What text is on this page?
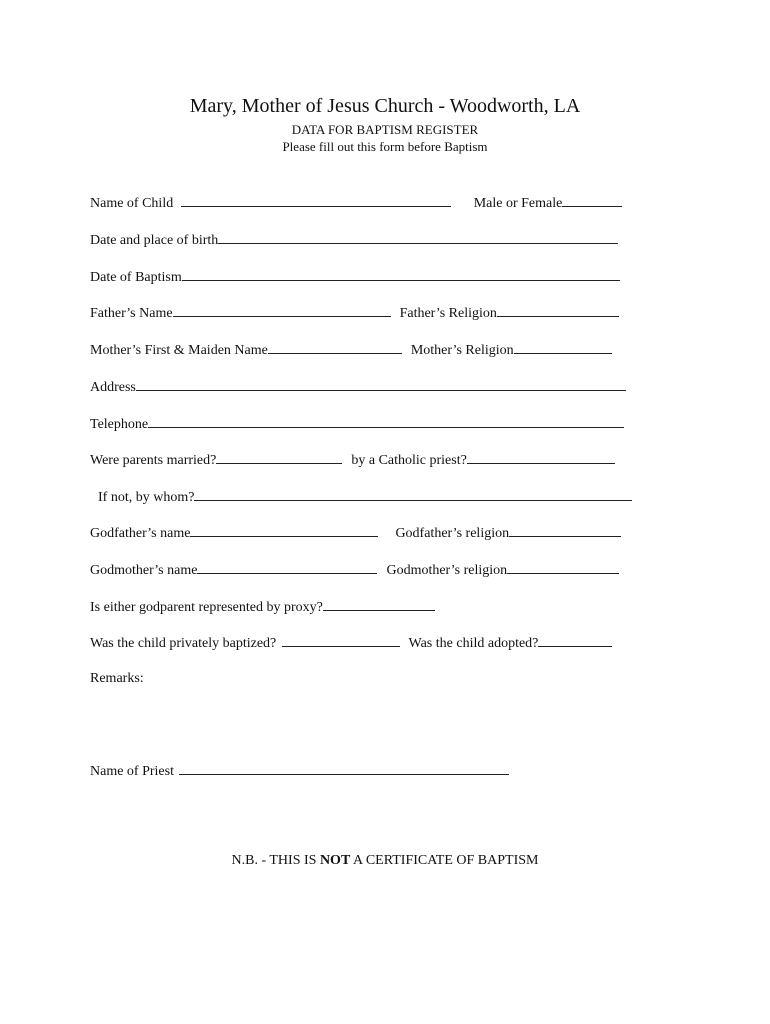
Mary, Mother of Jesus Church - Woodworth, LA
DATA FOR BAPTISM REGISTER
Please fill out this form before Baptism
Name of Child	Male or Female
Date and place of birth
Date of Baptism
Father’s Name	Father’s Religion
Mother’s First & Maiden Name	Mother’s Religion
Address
Telephone
Were parents married?	by a Catholic priest?
If not, by whom?
Godfather’s name	Godfather’s religion
Godmother’s name	Godmother’s religion
Is either godparent represented by proxy?
Was the child privately baptized?	Was the child adopted?
Remarks:
Name of Priest
N.B. - THIS IS NOT A CERTIFICATE OF BAPTISM
